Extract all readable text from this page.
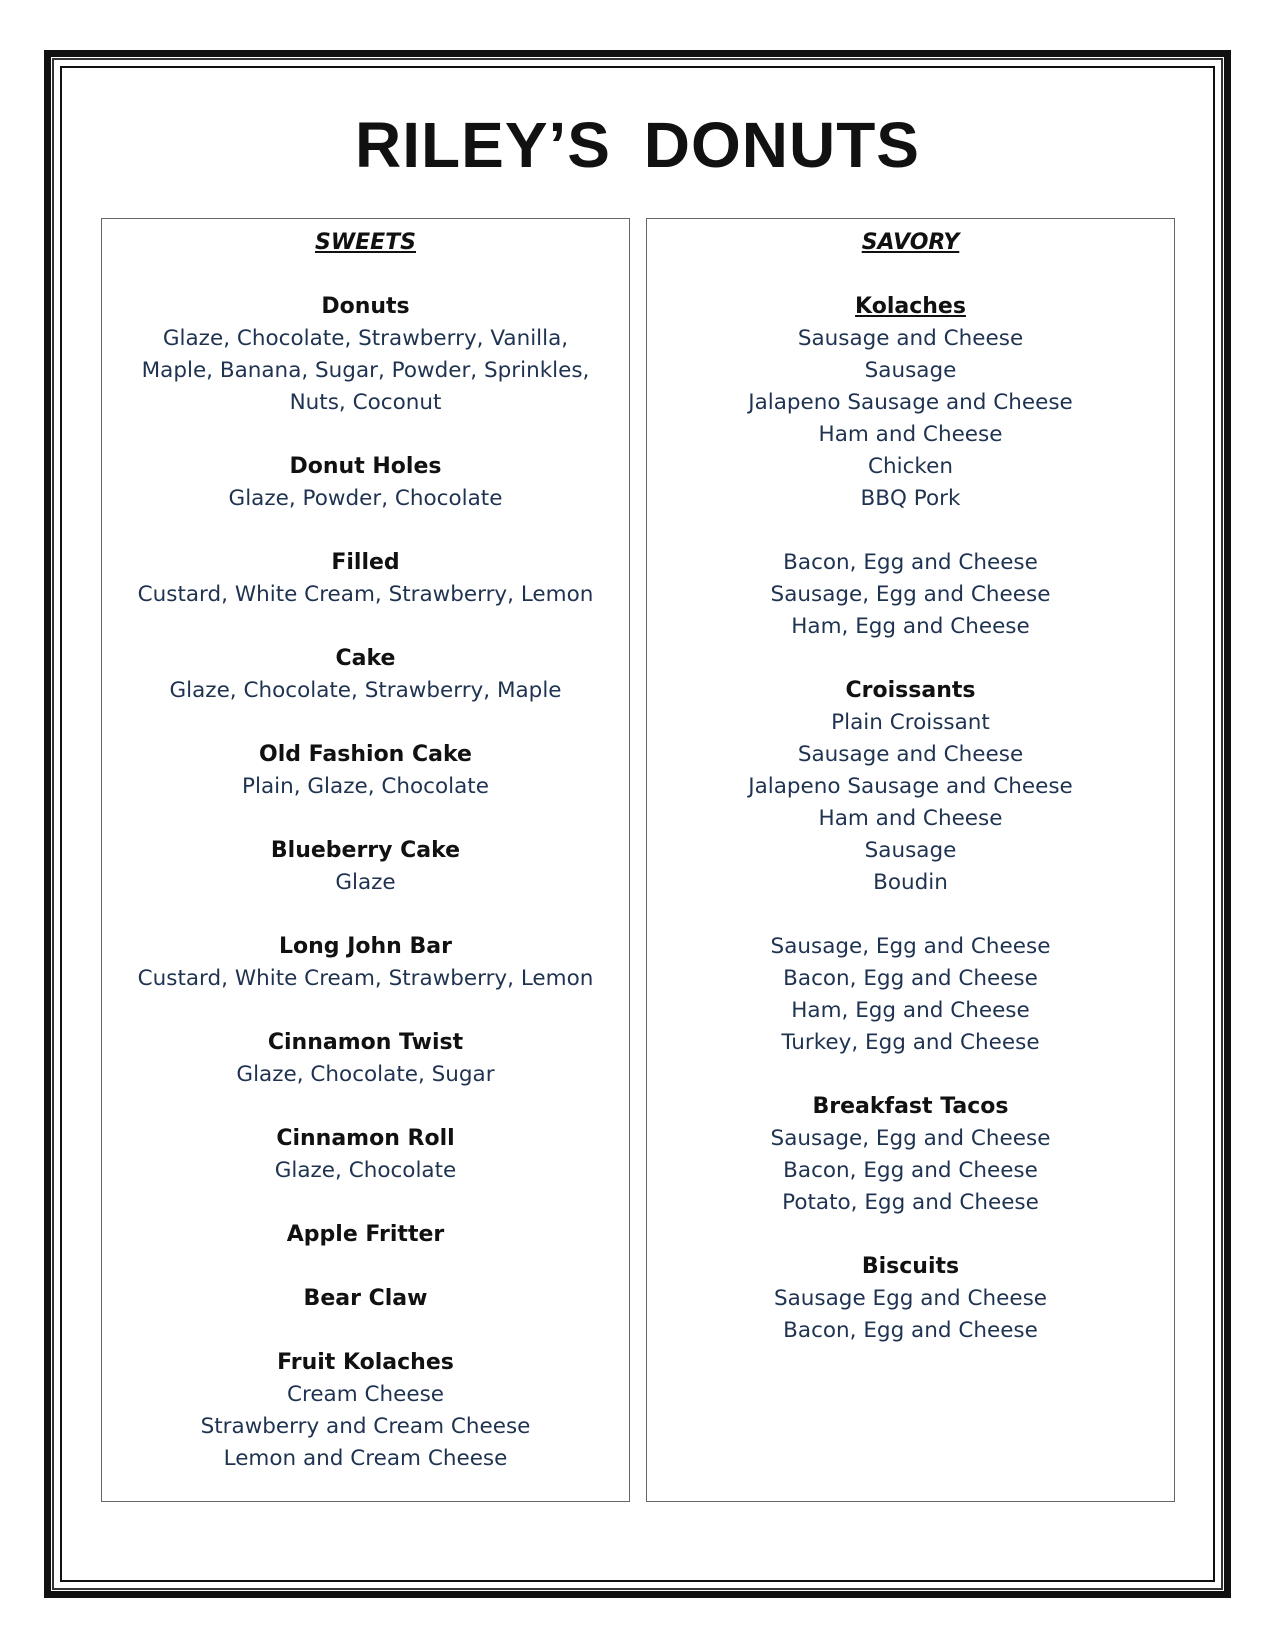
RILEY’S DONUTS
SWEETS
Donuts
Glaze, Chocolate, Strawberry, Vanilla,
Maple, Banana, Sugar, Powder, Sprinkles,
Nuts, Coconut
Donut Holes
Glaze, Powder, Chocolate
Filled
Custard, White Cream, Strawberry, Lemon
Cake
Glaze, Chocolate, Strawberry, Maple
Old Fashion Cake
Plain, Glaze, Chocolate
Blueberry Cake
Glaze
Long John Bar
Custard, White Cream, Strawberry, Lemon
Cinnamon Twist
Glaze, Chocolate, Sugar
Cinnamon Roll
Glaze, Chocolate
Apple Fritter
Bear Claw
Fruit Kolaches
Cream Cheese
Strawberry and Cream Cheese
Lemon and Cream Cheese
SAVORY
Kolaches
Sausage and Cheese
Sausage
Jalapeno Sausage and Cheese
Ham and Cheese
Chicken
BBQ Pork
Bacon, Egg and Cheese
Sausage, Egg and Cheese
Ham, Egg and Cheese
Croissants
Plain Croissant
Sausage and Cheese
Jalapeno Sausage and Cheese
Ham and Cheese
Sausage
Boudin
Sausage, Egg and Cheese
Bacon, Egg and Cheese
Ham, Egg and Cheese
Turkey, Egg and Cheese
Breakfast Tacos
Sausage, Egg and Cheese
Bacon, Egg and Cheese
Potato, Egg and Cheese
Biscuits
Sausage Egg and Cheese
Bacon, Egg and Cheese
